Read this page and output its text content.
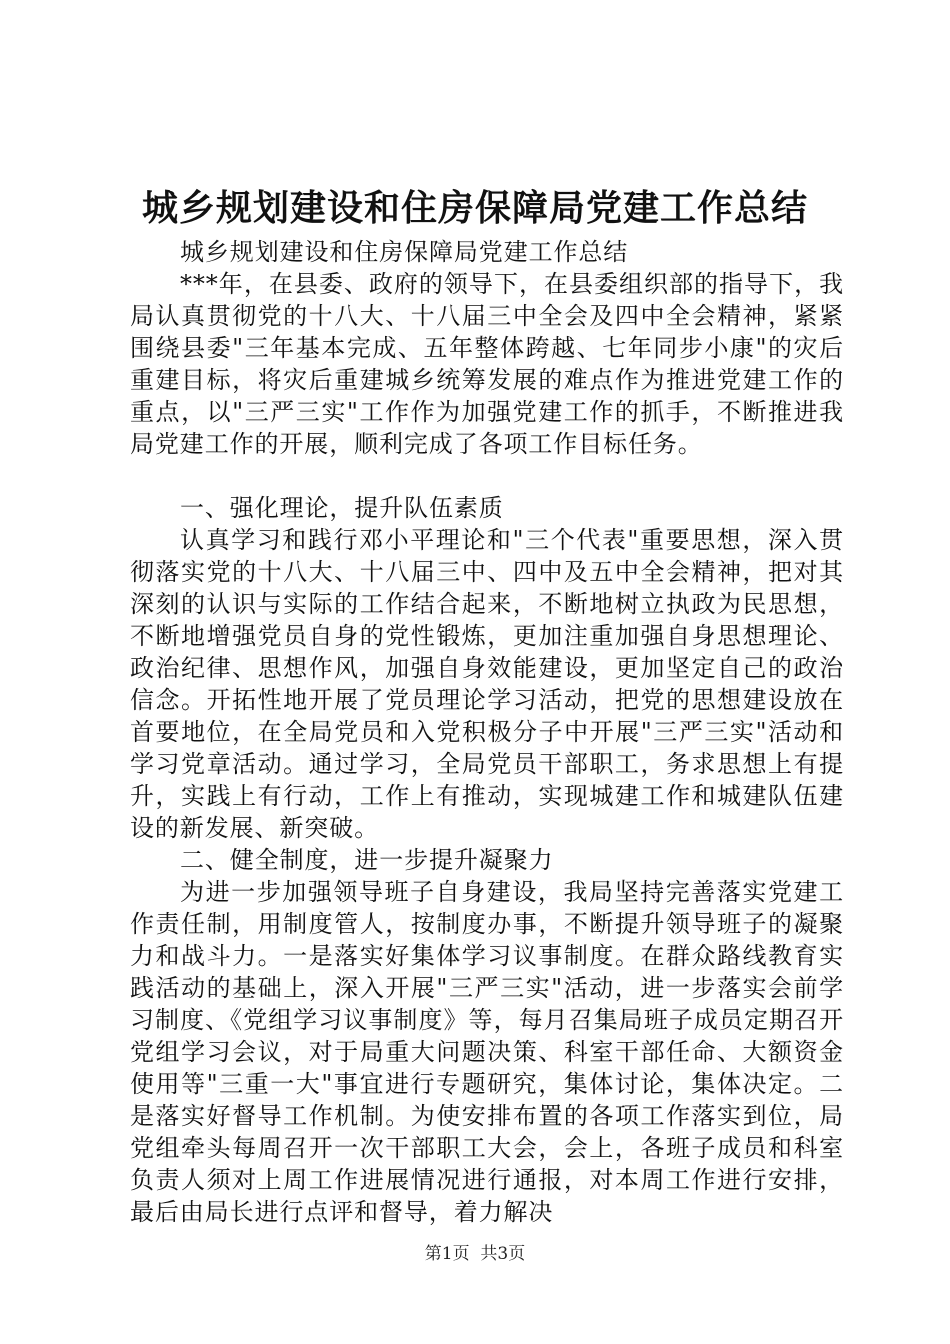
城乡规划建设和住房保障局党建工作总结

城乡规划建设和住房保障局党建工作总结

***年，在县委、政府的领导下，在县委组织部的指导下，我局认真贯彻党的十八大、十八届三中全会及四中全会精神，紧紧围绕县委"三年基本完成、五年整体跨越、七年同步小康"的灾后重建目标，将灾后重建城乡统筹发展的难点作为推进党建工作的重点，以"三严三实"工作作为加强党建工作的抓手，不断推进我局党建工作的开展，顺利完成了各项工作目标任务。

一、强化理论，提升队伍素质

认真学习和践行邓小平理论和"三个代表"重要思想，深入贯彻落实党的十八大、十八届三中、四中及五中全会精神，把对其深刻的认识与实际的工作结合起来，不断地树立执政为民思想，不断地增强党员自身的党性锻炼，更加注重加强自身思想理论、政治纪律、思想作风，加强自身效能建设，更加坚定自己的政治信念。开拓性地开展了党员理论学习活动，把党的思想建设放在首要地位，在全局党员和入党积极分子中开展"三严三实"活动和学习党章活动。通过学习，全局党员干部职工，务求思想上有提升，实践上有行动，工作上有推动，实现城建工作和城建队伍建设的新发展、新突破。

二、健全制度，进一步提升凝聚力

为进一步加强领导班子自身建设，我局坚持完善落实党建工作责任制，用制度管人，按制度办事，不断提升领导班子的凝聚力和战斗力。一是落实好集体学习议事制度。在群众路线教育实践活动的基础上，深入开展"三严三实"活动，进一步落实会前学习制度、《党组学习议事制度》等，每月召集局班子成员定期召开党组学习会议，对于局重大问题决策、科室干部任命、大额资金使用等"三重一大"事宜进行专题研究，集体讨论，集体决定。二是落实好督导工作机制。为使安排布置的各项工作落实到位，局党组牵头每周召开一次干部职工大会，会上，各班子成员和科室负责人须对上周工作进展情况进行通报，对本周工作进行安排，最后由局长进行点评和督导，着力解决

第1页  共3页
